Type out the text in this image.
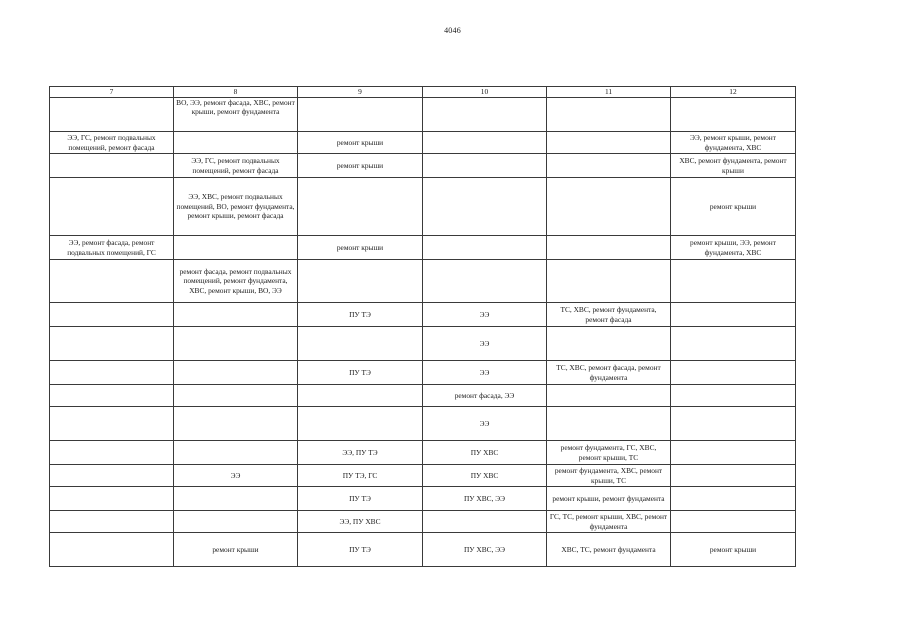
4046
7	8	9	10	11	12
	ВО, ЭЭ, ремонт фасада, ХВС, ремонт крыши, ремонт фундамента				
ЭЭ, ГС, ремонт подвальных помещений, ремонт фасада		ремонт крыши			ЭЭ, ремонт крыши, ремонт фундамента, ХВС
	ЭЭ, ГС, ремонт подвальных помещений, ремонт фасада	ремонт крыши			ХВС, ремонт фундамента, ремонт крыши
	ЭЭ, ХВС, ремонт подвальных помещений, ВО, ремонт фундамента, ремонт крыши, ремонт фасада				ремонт крыши
ЭЭ, ремонт фасада, ремонт подвальных помещений, ГС		ремонт крыши			ремонт крыши, ЭЭ, ремонт фундамента, ХВС
	ремонт фасада, ремонт подвальных помещений, ремонт фундамента, ХВС, ремонт крыши, ВО, ЭЭ				
		ПУ ТЭ	ЭЭ	ТС, ХВС, ремонт фундамента, ремонт фасада	
			ЭЭ		
		ПУ ТЭ	ЭЭ	ТС, ХВС, ремонт фасада, ремонт фундамента	
			ремонт фасада, ЭЭ		
			ЭЭ		
		ЭЭ, ПУ ТЭ	ПУ ХВС	ремонт фундамента, ГС, ХВС, ремонт крыши, ТС	
	ЭЭ	ПУ ТЭ, ГС	ПУ ХВС	ремонт фундамента, ХВС, ремонт крыши, ТС	
		ПУ ТЭ	ПУ ХВС, ЭЭ	ремонт крыши, ремонт фундамента	
		ЭЭ, ПУ ХВС		ГС, ТС, ремонт крыши, ХВС, ремонт фундамента	
	ремонт крыши	ПУ ТЭ	ПУ ХВС, ЭЭ	ХВС, ТС, ремонт фундамента	ремонт крыши
